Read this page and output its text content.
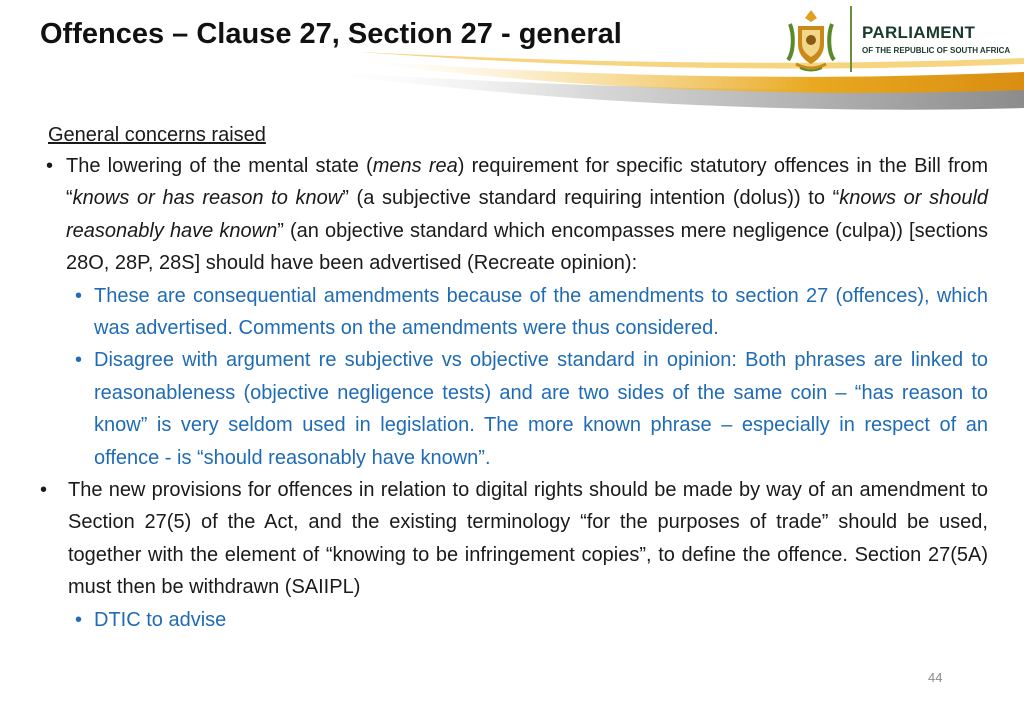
Offences – Clause 27, Section 27 - general	PARLIAMENT
OF THE REPUBLIC OF SOUTH AFRICA
General concerns raised
• The lowering of the mental state (mens rea) requirement for specific statutory offences in the Bill from “knows or has reason to know” (a subjective standard requiring intention (dolus)) to “knows or should reasonably have known” (an objective standard which encompasses mere negligence (culpa)) [sections 28O, 28P, 28S] should have been advertised (Recreate opinion):
• These are consequential amendments because of the amendments to section 27 (offences), which was advertised. Comments on the amendments were thus considered.
• Disagree with argument re subjective vs objective standard in opinion: Both phrases are linked to reasonableness (objective negligence tests) and are two sides of the same coin – “has reason to know” is very seldom used in legislation. The more known phrase – especially in respect of an offence - is “should reasonably have known”.
• The new provisions for offences in relation to digital rights should be made by way of an amendment to Section 27(5) of the Act, and the existing terminology “for the purposes of trade” should be used, together with the element of “knowing to be infringement copies”, to define the offence. Section 27(5A) must then be withdrawn (SAIIPL)
• DTIC to advise
44
